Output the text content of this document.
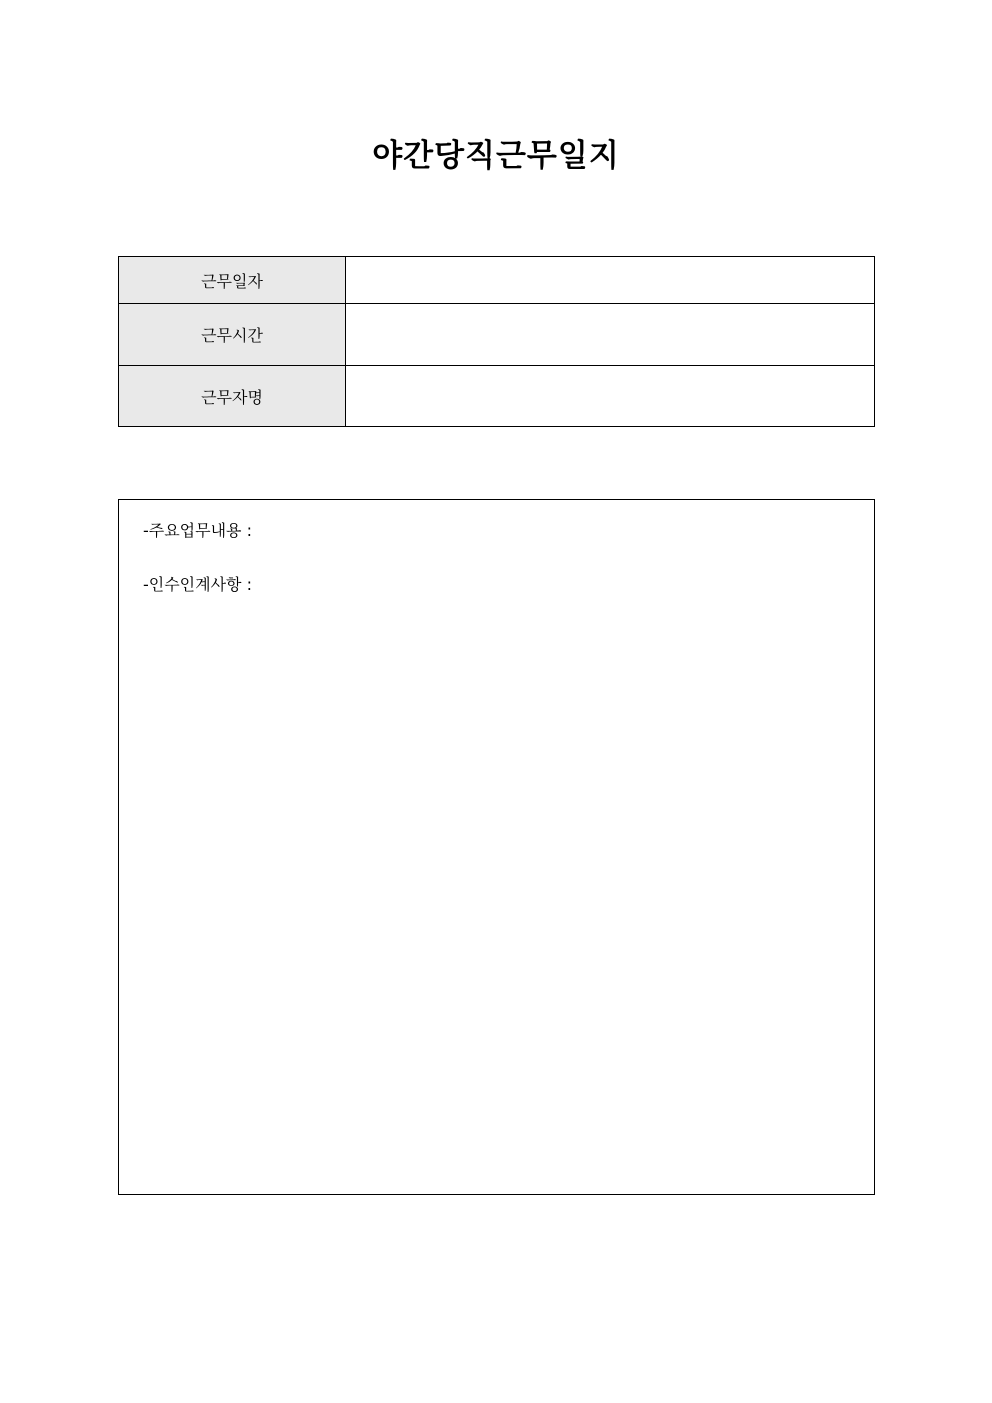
야간당직근무일지
근무일자	
근무시간	
근무자명	
-주요업무내용 :
-인수인계사항 :
